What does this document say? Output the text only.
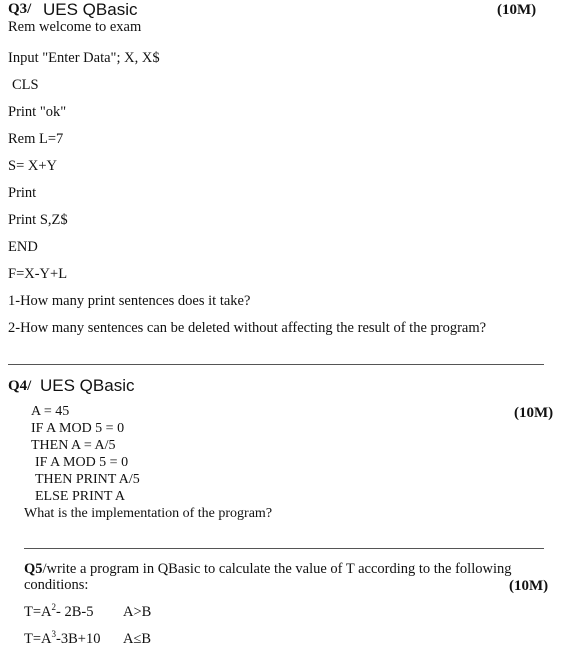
Q3/ UES QBasic	(10M)
Rem welcome to exam
Input "Enter Data"; X, X$
CLS
Print "ok"
Rem L=7
S= X+Y
Print
Print S,Z$
END
F=X-Y+L
1-How many print sentences does it take?
2-How many sentences can be deleted without affecting the result of the program?
Q4/ UES QBasic
(10M)
A = 45
IF A MOD 5 = 0
THEN A = A/5
IF A MOD 5 = 0
THEN PRINT A/5
ELSE PRINT A
What is the implementation of the program?
Q5/write a program in QBasic to calculate the value of T according to the following
conditions:	(10M)
$T=A^2-$ 2B-5 A>B
$T=A^3-3B+10$ A≤B
